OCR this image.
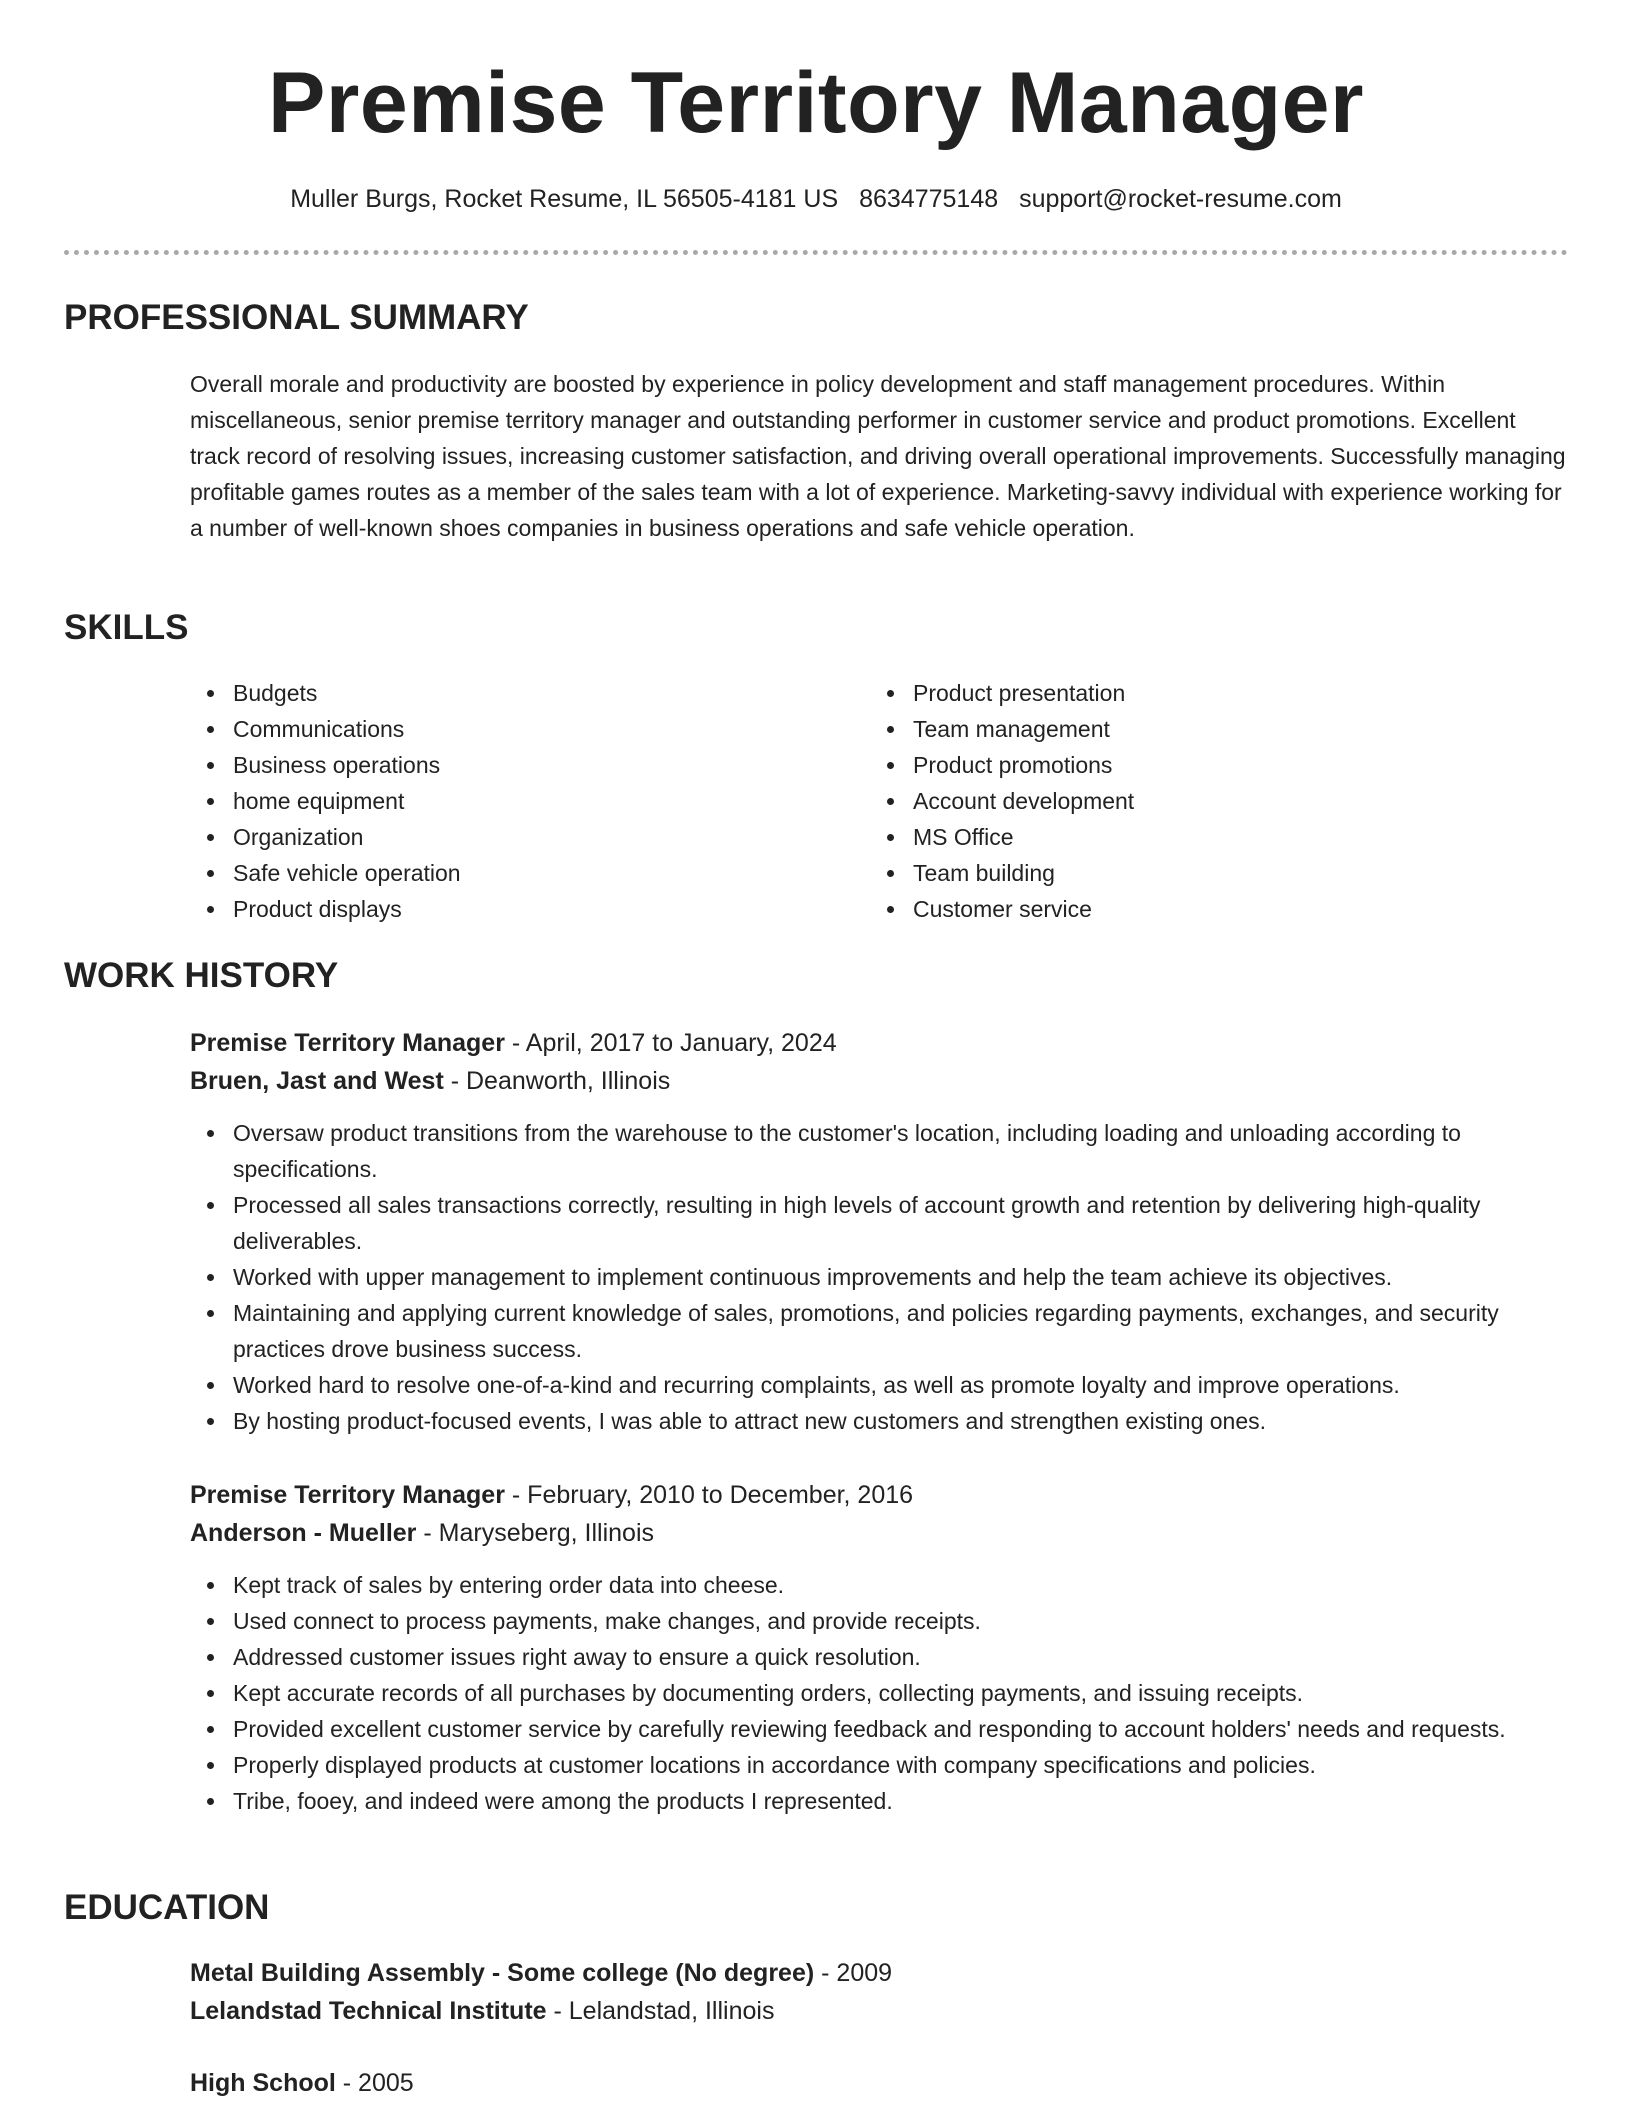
Premise Territory Manager
Muller Burgs, Rocket Resume, IL 56505-4181 US 8634775148 support@rocket-resume.com
PROFESSIONAL SUMMARY

Overall morale and productivity are boosted by experience in policy development and staff management procedures. Within miscellaneous, senior premise territory manager and outstanding performer in customer service and product promotions. Excellent track record of resolving issues, increasing customer satisfaction, and driving overall operational improvements. Successfully managing profitable games routes as a member of the sales team with a lot of experience. Marketing-savvy individual with experience working for a number of well-known shoes companies in business operations and safe vehicle operation.

SKILLS
Budgets
Communications
Business operations
home equipment
Organization
Safe vehicle operation
Product displays
Product presentation
Team management
Product promotions
Account development
MS Office
Team building
Customer service
WORK HISTORY
Premise Territory Manager - April, 2017 to January, 2024
Bruen, Jast and West - Deanworth, Illinois
Oversaw product transitions from the warehouse to the customer's location, including loading and unloading according to specifications.
Processed all sales transactions correctly, resulting in high levels of account growth and retention by delivering high-quality deliverables.
Worked with upper management to implement continuous improvements and help the team achieve its objectives.
Maintaining and applying current knowledge of sales, promotions, and policies regarding payments, exchanges, and security practices drove business success.
Worked hard to resolve one-of-a-kind and recurring complaints, as well as promote loyalty and improve operations.
By hosting product-focused events, I was able to attract new customers and strengthen existing ones.
Premise Territory Manager - February, 2010 to December, 2016
Anderson - Mueller - Maryseberg, Illinois
Kept track of sales by entering order data into cheese.
Used connect to process payments, make changes, and provide receipts.
Addressed customer issues right away to ensure a quick resolution.
Kept accurate records of all purchases by documenting orders, collecting payments, and issuing receipts.
Provided excellent customer service by carefully reviewing feedback and responding to account holders' needs and requests.
Properly displayed products at customer locations in accordance with company specifications and policies.
Tribe, fooey, and indeed were among the products I represented.
EDUCATION
Metal Building Assembly - Some college (No degree) - 2009
Lelandstad Technical Institute - Lelandstad, Illinois
High School - 2005
